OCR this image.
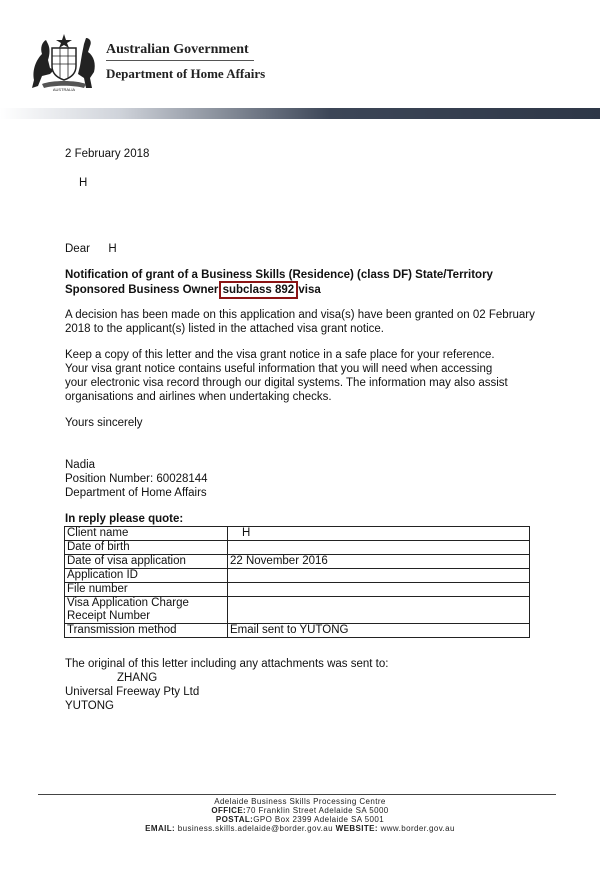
AUSTRALIA
Australian Government
Department of Home Affairs
2 February 2018
H
Dear H
Notification of grant of a Business Skills (Residence) (class DF) State/Territory
Sponsored Business Owner subclass 892 visa
A decision has been made on this application and visa(s) have been granted on 02 February
2018 to the applicant(s) listed in the attached visa grant notice.
Keep a copy of this letter and the visa grant notice in a safe place for your reference.
Your visa grant notice contains useful information that you will need when accessing
your electronic visa record through our digital systems. The information may also assist
organisations and airlines when undertaking checks.
Yours sincerely
Nadia
Position Number: 60028144
Department of Home Affairs
In reply please quote:
Client name	H
Date of birth	
Date of visa application	22 November 2016
Application ID	
File number	

Visa Application Charge
Receipt Number	

Transmission method	Email sent to YUTONG
The original of this letter including any attachments was sent to:
ZHANG
Universal Freeway Pty Ltd
YUTONG
Adelaide Business Skills Processing Centre
OFFICE:70 Franklin Street Adelaide SA 5000
POSTAL:GPO Box 2399 Adelaide SA 5001
EMAIL: business.skills.adelaide@border.gov.au WEBSITE: www.border.gov.au
